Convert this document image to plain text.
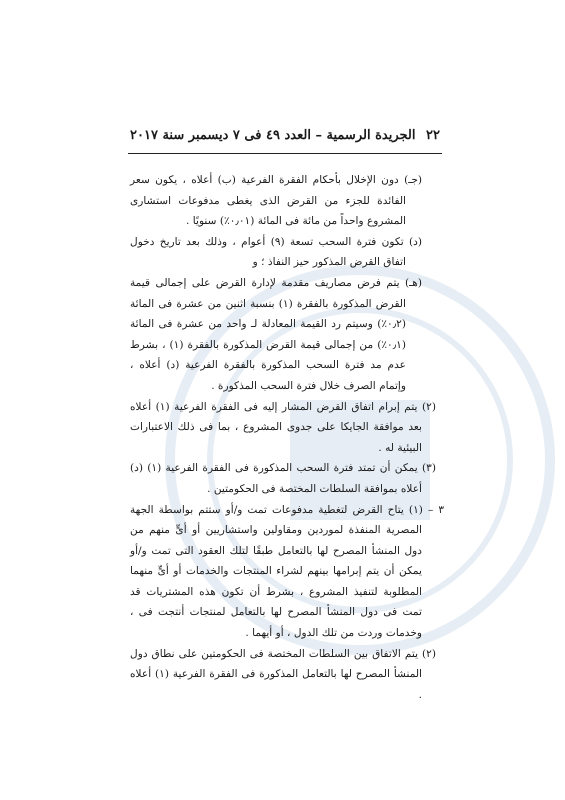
٢٢
الجريدة الرسمية – العدد ٤٩ فى ٧ ديسمبر سنة ٢٠١٧

(جـ) دون الإخلال بأحكام الفقرة الفرعية (ب) أعلاه ، يكون سعر الفائدة للجزء من القرض الذى يغطى مدفوعات استشارى المشروع واحداً من مائة فى المائة (٠٫٠١٪) سنويًا .

(د) تكون فترة السحب تسعة (٩) أعوام ، وذلك بعد تاريخ دخول اتفاق القرض المذكور حيز النفاذ ؛ و

(هـ) يتم فرض مصاريف مقدمة لإدارة القرض على إجمالى قيمة القرض المذكورة بالفقرة (١) بنسبة اثنين من عشرة فى المائة (٠٫٢٪) وسيتم رد القيمة المعادلة لـ واحد من عشرة فى المائة (٠٫١٪) من إجمالى قيمة القرض المذكورة بالفقرة (١) ، بشرط عدم مد فترة السحب المذكورة بالفقرة الفرعية (د) أعلاه ، وإتمام الصرف خلال فترة السحب المذكورة .

(٢) يتم إبرام اتفاق القرض المشار إليه فى الفقرة الفرعية (١) أعلاه بعد موافقة الجايكا على جدوى المشروع ، بما فى ذلك الاعتبارات البيئية له .

(٣) يمكن أن تمتد فترة السحب المذكورة فى الفقرة الفرعية (١) (د) أعلاه بموافقة السلطات المختصة فى الحكومتين .

٣ – (١) يتاح القرض لتغطية مدفوعات تمت و/أو ستتم بواسطة الجهة المصرية المنفذة لموردين ومقاولين واستشاريين أو أىٍّ منهم من دول المنشأ المصرح لها بالتعامل طبقًا لتلك العقود التى تمت و/أو يمكن أن يتم إبرامها بينهم لشراء المنتجات والخدمات أو أىٍّ منهما المطلوبة لتنفيذ المشروع ، بشرط أن تكون هذه المشتريات قد تمت فى دول المنشأ المصرح لها بالتعامل لمنتجات أنتجت فى ، وخدمات وردت من تلك الدول ، أو أيهما .

(٢) يتم الاتفاق بين السلطات المختصة فى الحكومتين على نطاق دول المنشأ المصرح لها بالتعامل المذكورة فى الفقرة الفرعية (١) أعلاه .
